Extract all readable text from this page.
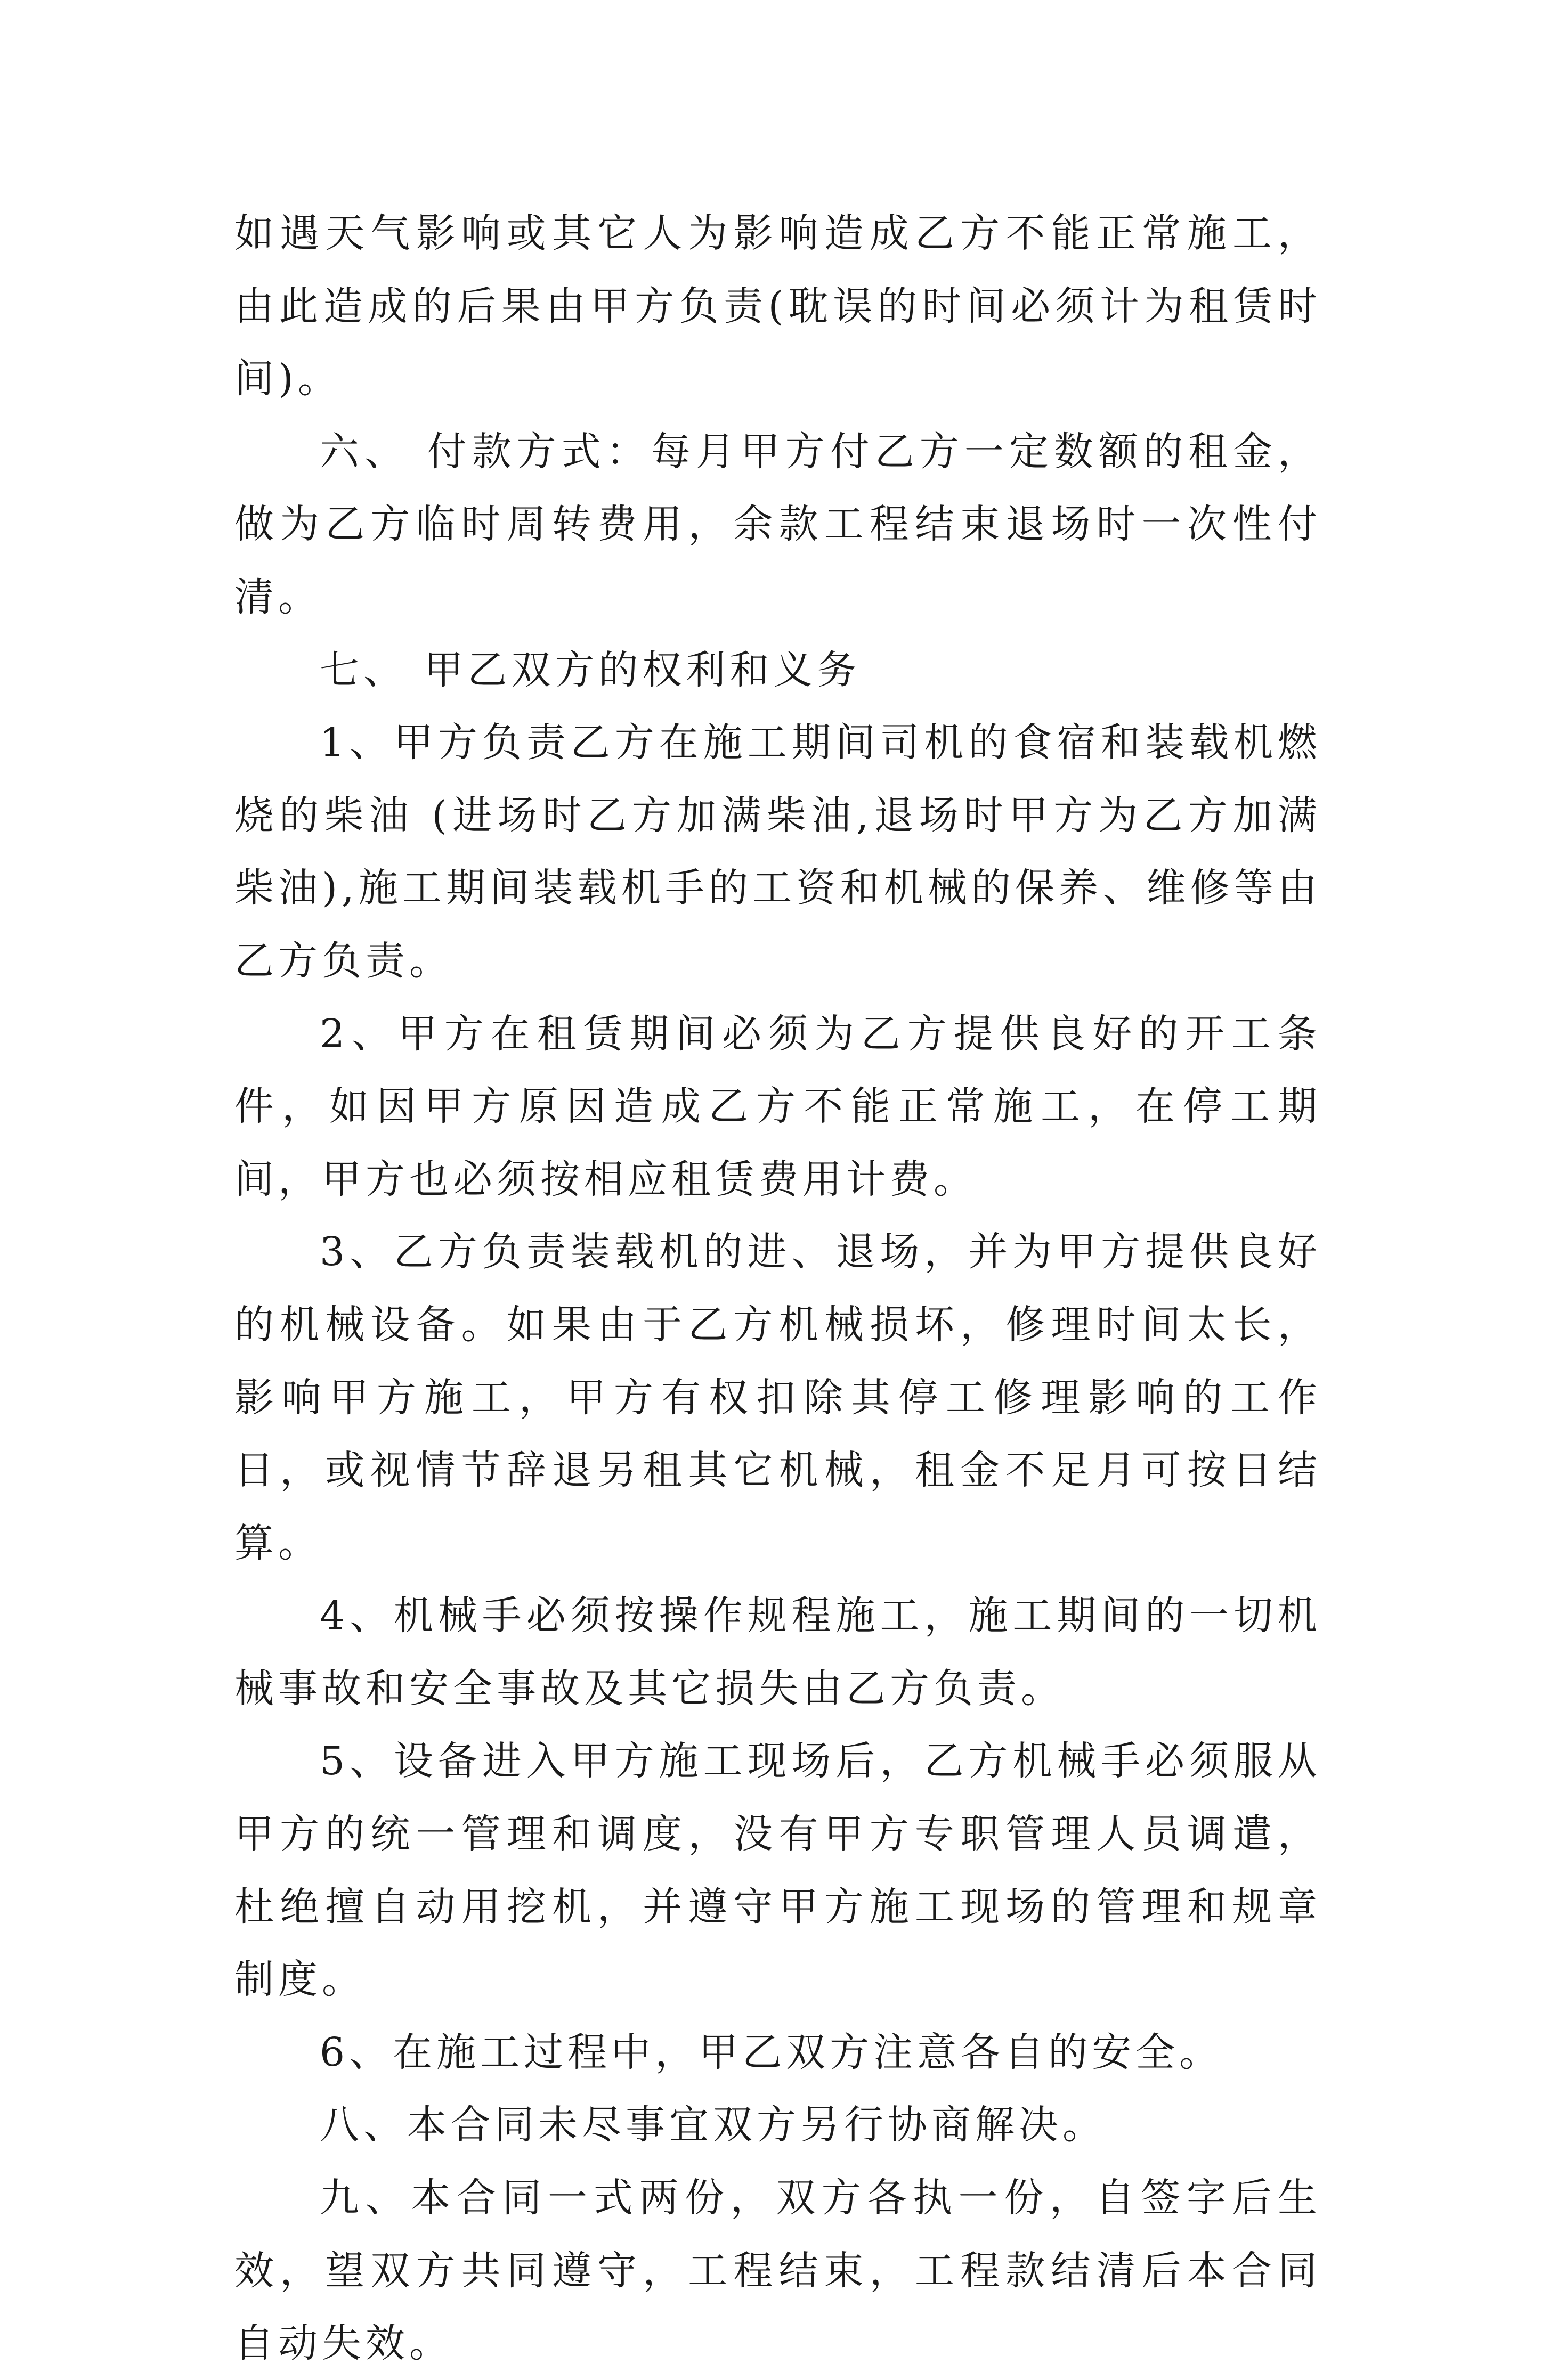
如遇天气影响或其它人为影响造成乙方不能正常施工，由此造成的后果由甲方负责(耽误的时间必须计为租赁时间)。

六、 付款方式：每月甲方付乙方一定数额的租金，做为乙方临时周转费用，余款工程结束退场时一次性付清。

七、 甲乙双方的权利和义务

1、甲方负责乙方在施工期间司机的食宿和装载机燃烧的柴油 (进场时乙方加满柴油,退场时甲方为乙方加满柴油),施工期间装载机手的工资和机械的保养、维修等由乙方负责。

2、甲方在租赁期间必须为乙方提供良好的开工条件，如因甲方原因造成乙方不能正常施工，在停工期间，甲方也必须按相应租赁费用计费。

3、乙方负责装载机的进、退场，并为甲方提供良好的机械设备。如果由于乙方机械损坏，修理时间太长，影响甲方施工，甲方有权扣除其停工修理影响的工作日，或视情节辞退另租其它机械，租金不足月可按日结算。

4、机械手必须按操作规程施工，施工期间的一切机械事故和安全事故及其它损失由乙方负责。

5、设备进入甲方施工现场后，乙方机械手必须服从甲方的统一管理和调度，没有甲方专职管理人员调遣，杜绝擅自动用挖机，并遵守甲方施工现场的管理和规章制度。

6、在施工过程中，甲乙双方注意各自的安全。

八、本合同未尽事宜双方另行协商解决。

九、本合同一式两份，双方各执一份，自签字后生效，望双方共同遵守，工程结束，工程款结清后本合同自动失效。
